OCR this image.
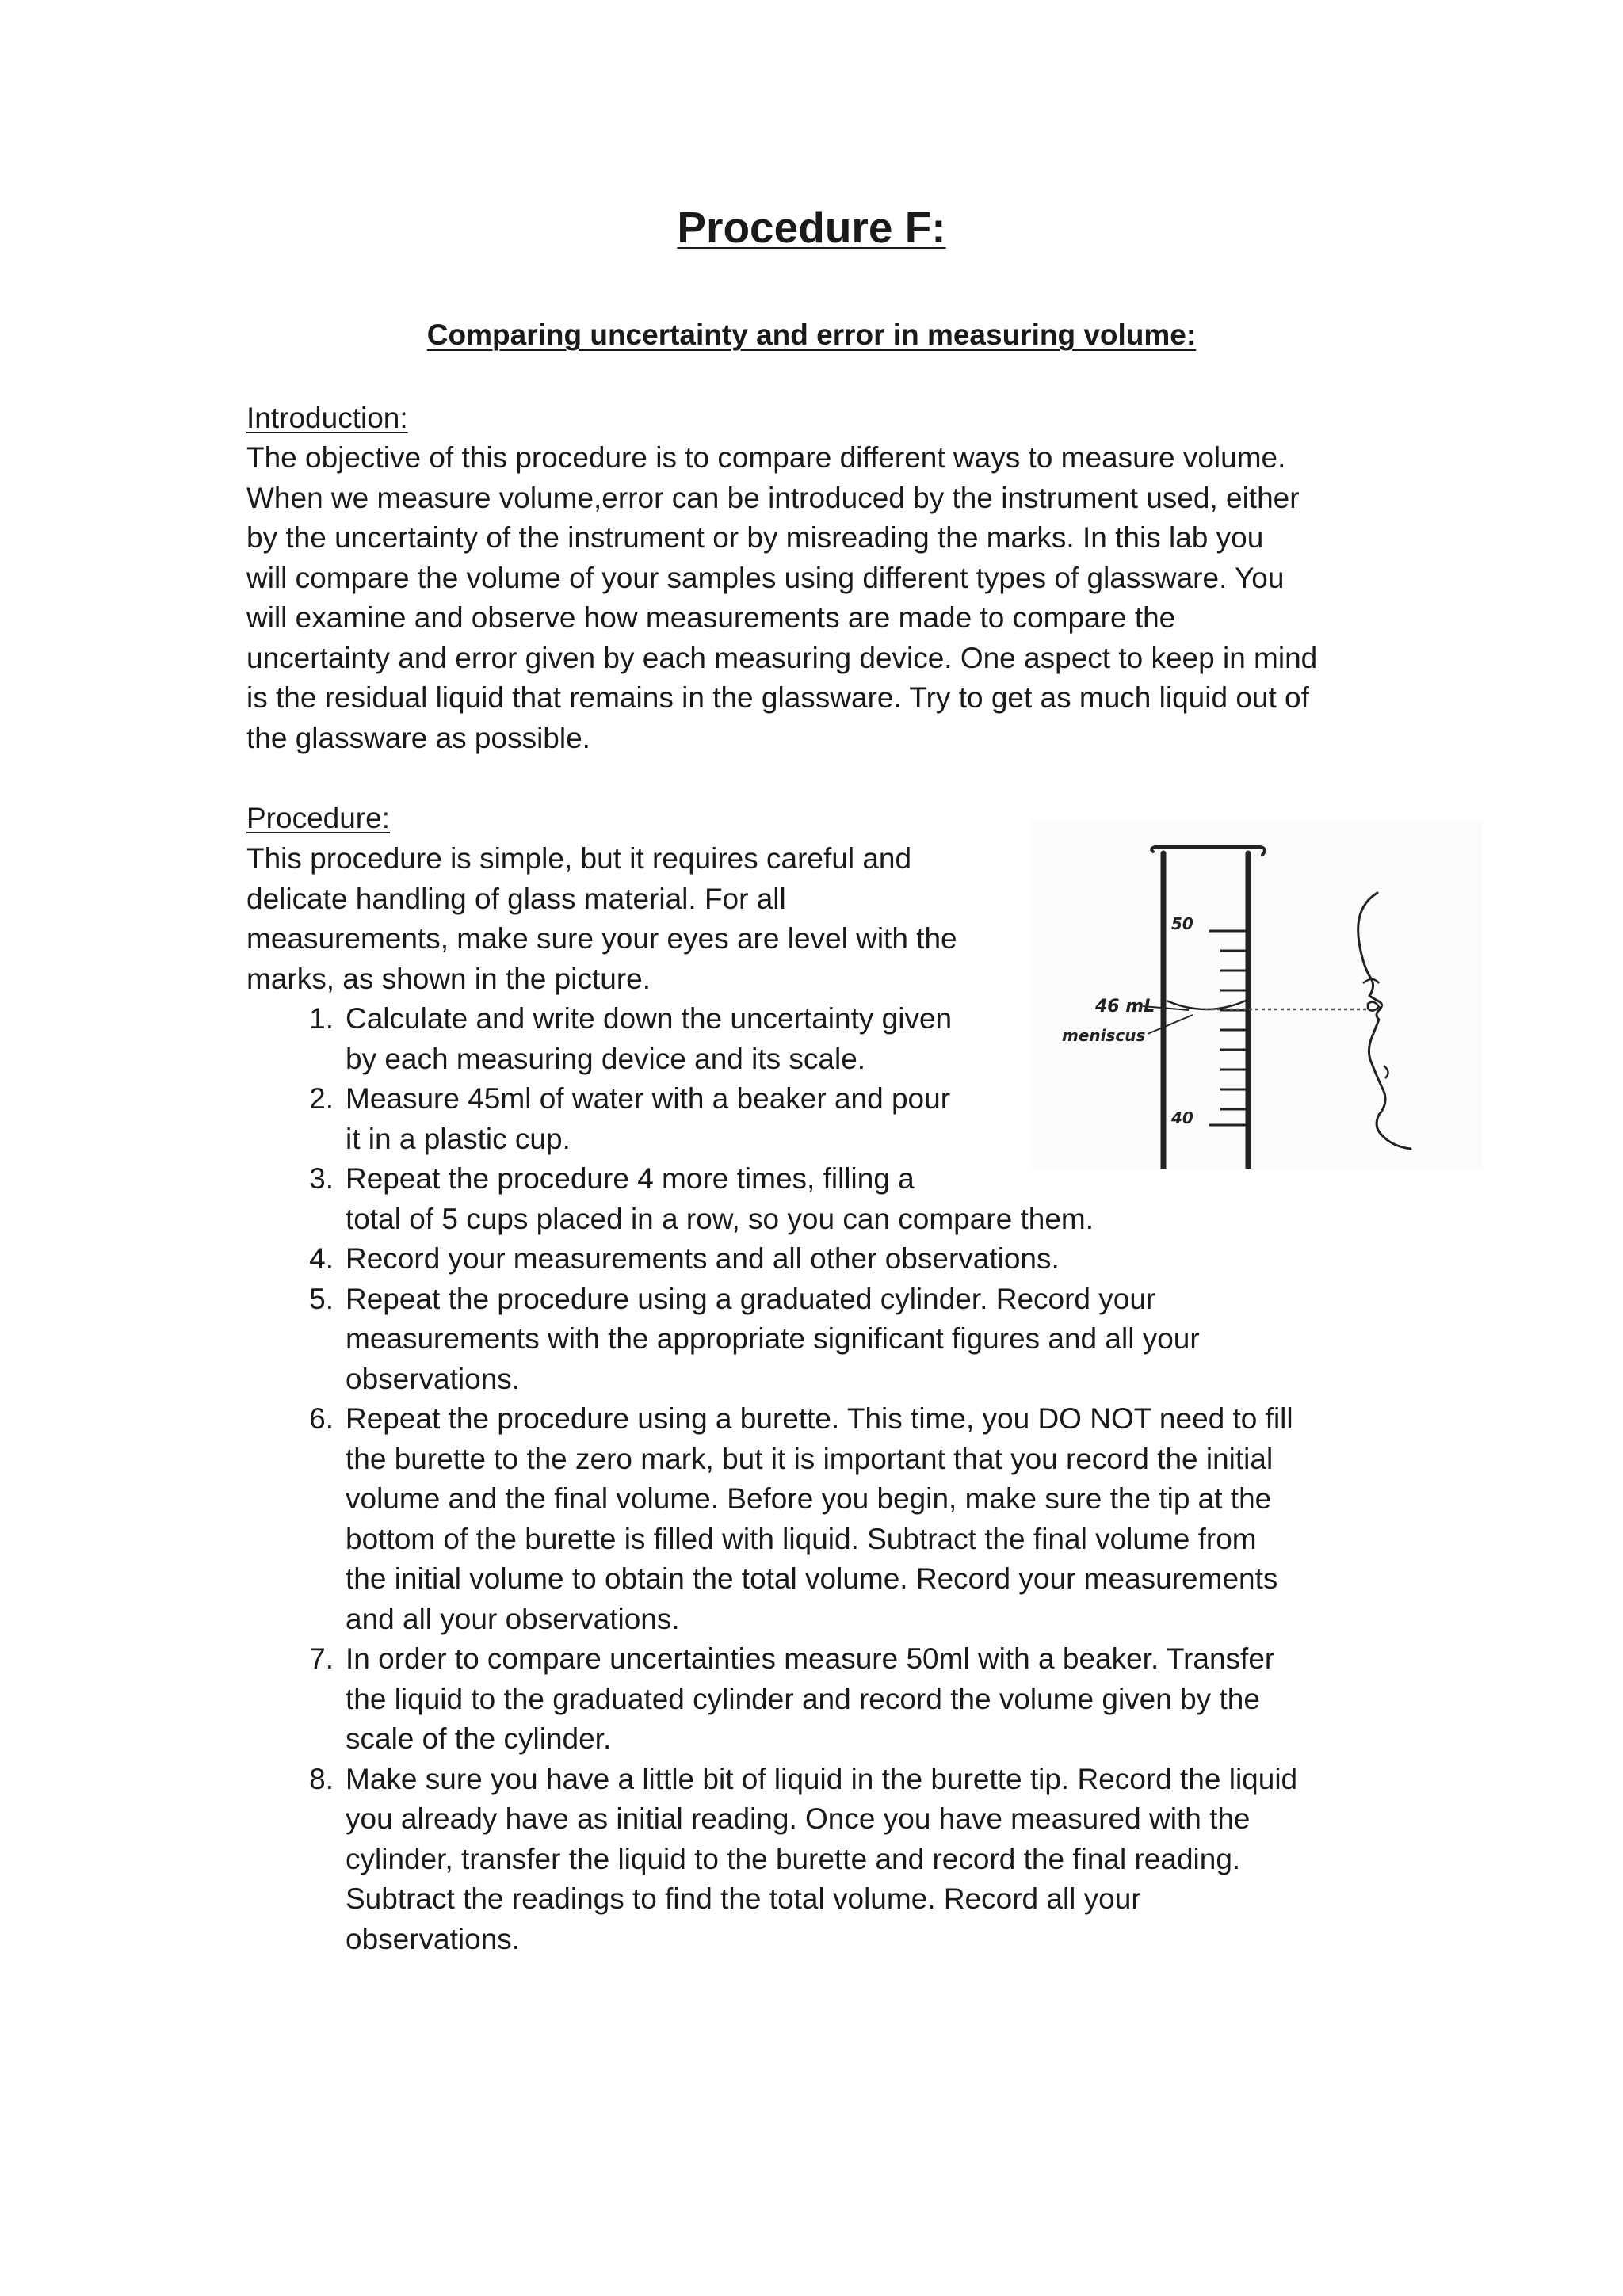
Procedure F:
Comparing uncertainty and error in measuring volume:
Introduction:
The objective of this procedure is to compare different ways to measure volume.
When we measure volume,error can be introduced by the instrument used, either
by the uncertainty of the instrument or by misreading the marks. In this lab you
will compare the volume of your samples using different types of glassware. You
will examine and observe how measurements are made to compare the
uncertainty and error given by each measuring device. One aspect to keep in mind
is the residual liquid that remains in the glassware. Try to get as much liquid out of
the glassware as possible.
Procedure:
This procedure is simple, but it requires careful and
delicate handling of glass material. For all
measurements, make sure your eyes are level with the
marks, as shown in the picture.
1. Calculate and write down the uncertainty given
by each measuring device and its scale.
2. Measure 45ml of water with a beaker and pour
it in a plastic cup.
3. Repeat the procedure 4 more times, filling a
total of 5 cups placed in a row, so you can compare them.
4. Record your measurements and all other observations.
5. Repeat the procedure using a graduated cylinder. Record your
measurements with the appropriate significant figures and all your
observations.
6. Repeat the procedure using a burette. This time, you DO NOT need to fill
the burette to the zero mark, but it is important that you record the initial
volume and the final volume. Before you begin, make sure the tip at the
bottom of the burette is filled with liquid. Subtract the final volume from
the initial volume to obtain the total volume. Record your measurements
and all your observations.
7. In order to compare uncertainties measure 50ml with a beaker. Transfer
the liquid to the graduated cylinder and record the volume given by the
scale of the cylinder.
8. Make sure you have a little bit of liquid in the burette tip. Record the liquid
you already have as initial reading. Once you have measured with the
cylinder, transfer the liquid to the burette and record the final reading.
Subtract the readings to find the total volume. Record all your
observations.
50
40
46 mL
meniscus
